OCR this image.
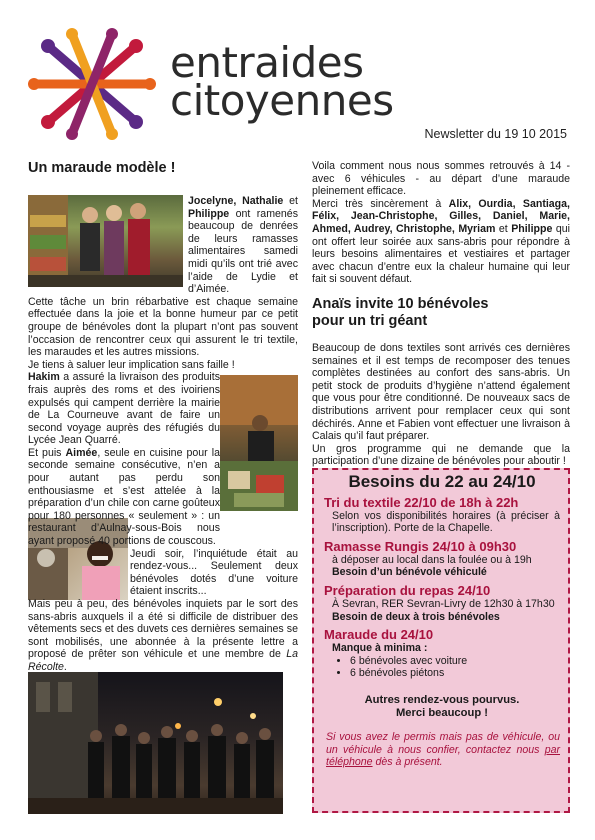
entraides
citoyennes
Newsletter du 19 10 2015
Un maraude modèle !

Jocelyne, Nathalie et Philippe ont ramenés beaucoup de denrées de leurs ramasses alimentaires samedi midi qu’ils ont trié avec l’aide de Lydie et d’Aimée.

Cette tâche un brin rébarbative est chaque semaine effectuée dans la joie et la bonne humeur par ce petit groupe de bénévoles dont la plupart n’ont pas souvent l’occasion de rencontrer ceux qui assurent le tri textile, les maraudes et les autres missions.

Je tiens à saluer leur implication sans faille !

Hakim a assuré la livraison des produits frais auprès des roms et des ivoiriens expulsés qui campent derrière la mairie de La Courneuve avant de faire un second voyage auprès des réfugiés du Lycée Jean Quarré.

Et puis Aimée, seule en cuisine pour la seconde semaine consécutive, n’en a pour autant pas perdu son enthousiasme et s’est attelée à la préparation d’un chile con carne goûteux pour 180 personnes « seulement » : un restaurant d’Aulnay-sous-Bois nous ayant proposé 40 portions de couscous.

Jeudi soir, l’inquiétude était au rendez-vous... Seulement deux bénévoles dotés d’une voiture étaient inscrits...

Mais peu à peu, des bénévoles inquiets par le sort des sans-abris auxquels il a été si difficile de distribuer des vêtements secs et des duvets ces dernières semaines se sont mobilisés, une abonnée à la présente lettre a proposé de prêter son véhicule et une membre de La Récolte.

Voila comment nous nous sommes retrouvés à 14 - avec 6 véhicules - au départ d’une maraude pleinement efficace.

Merci très sincèrement à Alix, Ourdia, Santiaga, Félix, Jean-Christophe, Gilles, Daniel, Marie, Ahmed, Audrey, Christophe, Myriam et Philippe qui ont offert leur soirée aux sans-abris pour répondre à leurs besoins alimentaires et vestiaires et partager avec chacun d’entre eux la chaleur humaine qui leur fait si souvent défaut.

Anaïs invite 10 bénévoles
pour un tri géant

Beaucoup de dons textiles sont arrivés ces dernières semaines et il est temps de recomposer des tenues complètes destinées au confort des sans-abris. Un petit stock de produits d’hygiène n’attend également que vous pour être conditionné. De nouveaux sacs de distributions arrivent pour remplacer ceux qui sont déchirés. Anne et Fabien vont effectuer une livraison à Calais qu’il faut préparer.

Un gros programme qui ne demande que la participation d’une dizaine de bénévoles pour aboutir !

Besoins du 22 au 24/10
Tri du textile 22/10 de 18h à 22h

Selon vos disponibilités horaires (à préciser à l’inscription). Porte de la Chapelle.

Ramasse Rungis 24/10 à 09h30

à déposer au local dans la foulée ou à 19h

Besoin d’un bénévole véhiculé

Préparation du repas 24/10

À Sevran, RER Sevran-Livry de 12h30 à 17h30

Besoin de deux à trois bénévoles

Maraude du 24/10

Manque à minima :

• 6 bénévoles avec voiture
• 6 bénévoles piétons

Autres rendez-vous pourvus.

Merci beaucoup !

Si vous avez le permis mais pas de véhicule, ou un véhicule à nous confier, contactez nous par téléphone dès à présent.
